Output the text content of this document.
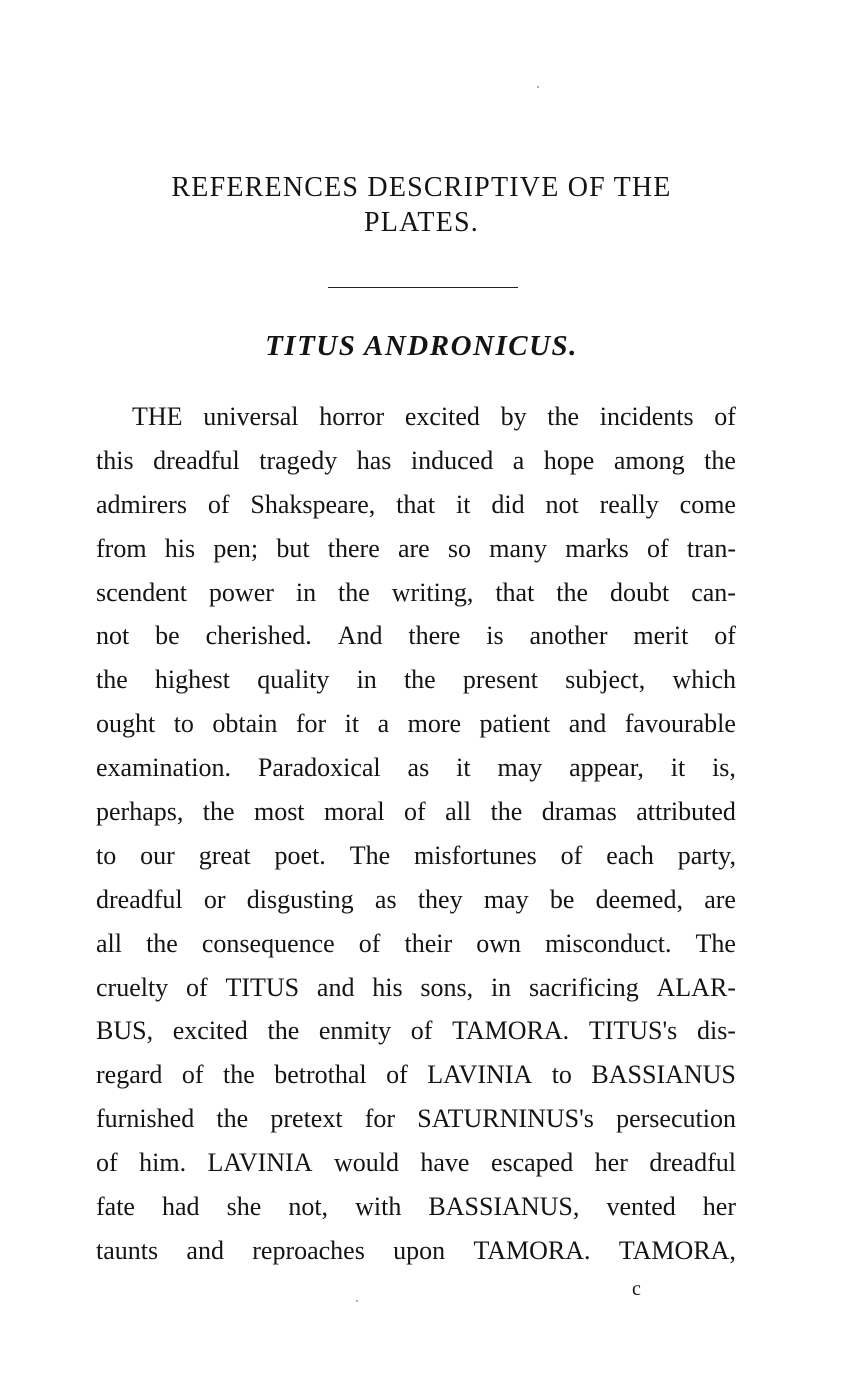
REFERENCES DESCRIPTIVE OF THE
PLATES.
TITUS ANDRONICUS.
THE universal horror excited by the incidents of
this dreadful tragedy has induced a hope among the
admirers of Shakspeare, that it did not really come
from his pen; but there are so many marks of tran-
scendent power in the writing, that the doubt can-
not be cherished. And there is another merit of
the highest quality in the present subject, which
ought to obtain for it a more patient and favourable
examination. Paradoxical as it may appear, it is,
perhaps, the most moral of all the dramas attributed
to our great poet. The misfortunes of each party,
dreadful or disgusting as they may be deemed, are
all the consequence of their own misconduct. The
cruelty of TITUS and his sons, in sacrificing ALAR-
BUS, excited the enmity of TAMORA. TITUS's dis-
regard of the betrothal of LAVINIA to BASSIANUS
furnished the pretext for SATURNINUS's persecution
of him. LAVINIA would have escaped her dreadful
fate had she not, with BASSIANUS, vented her
taunts and reproaches upon TAMORA. TAMORA,
c
